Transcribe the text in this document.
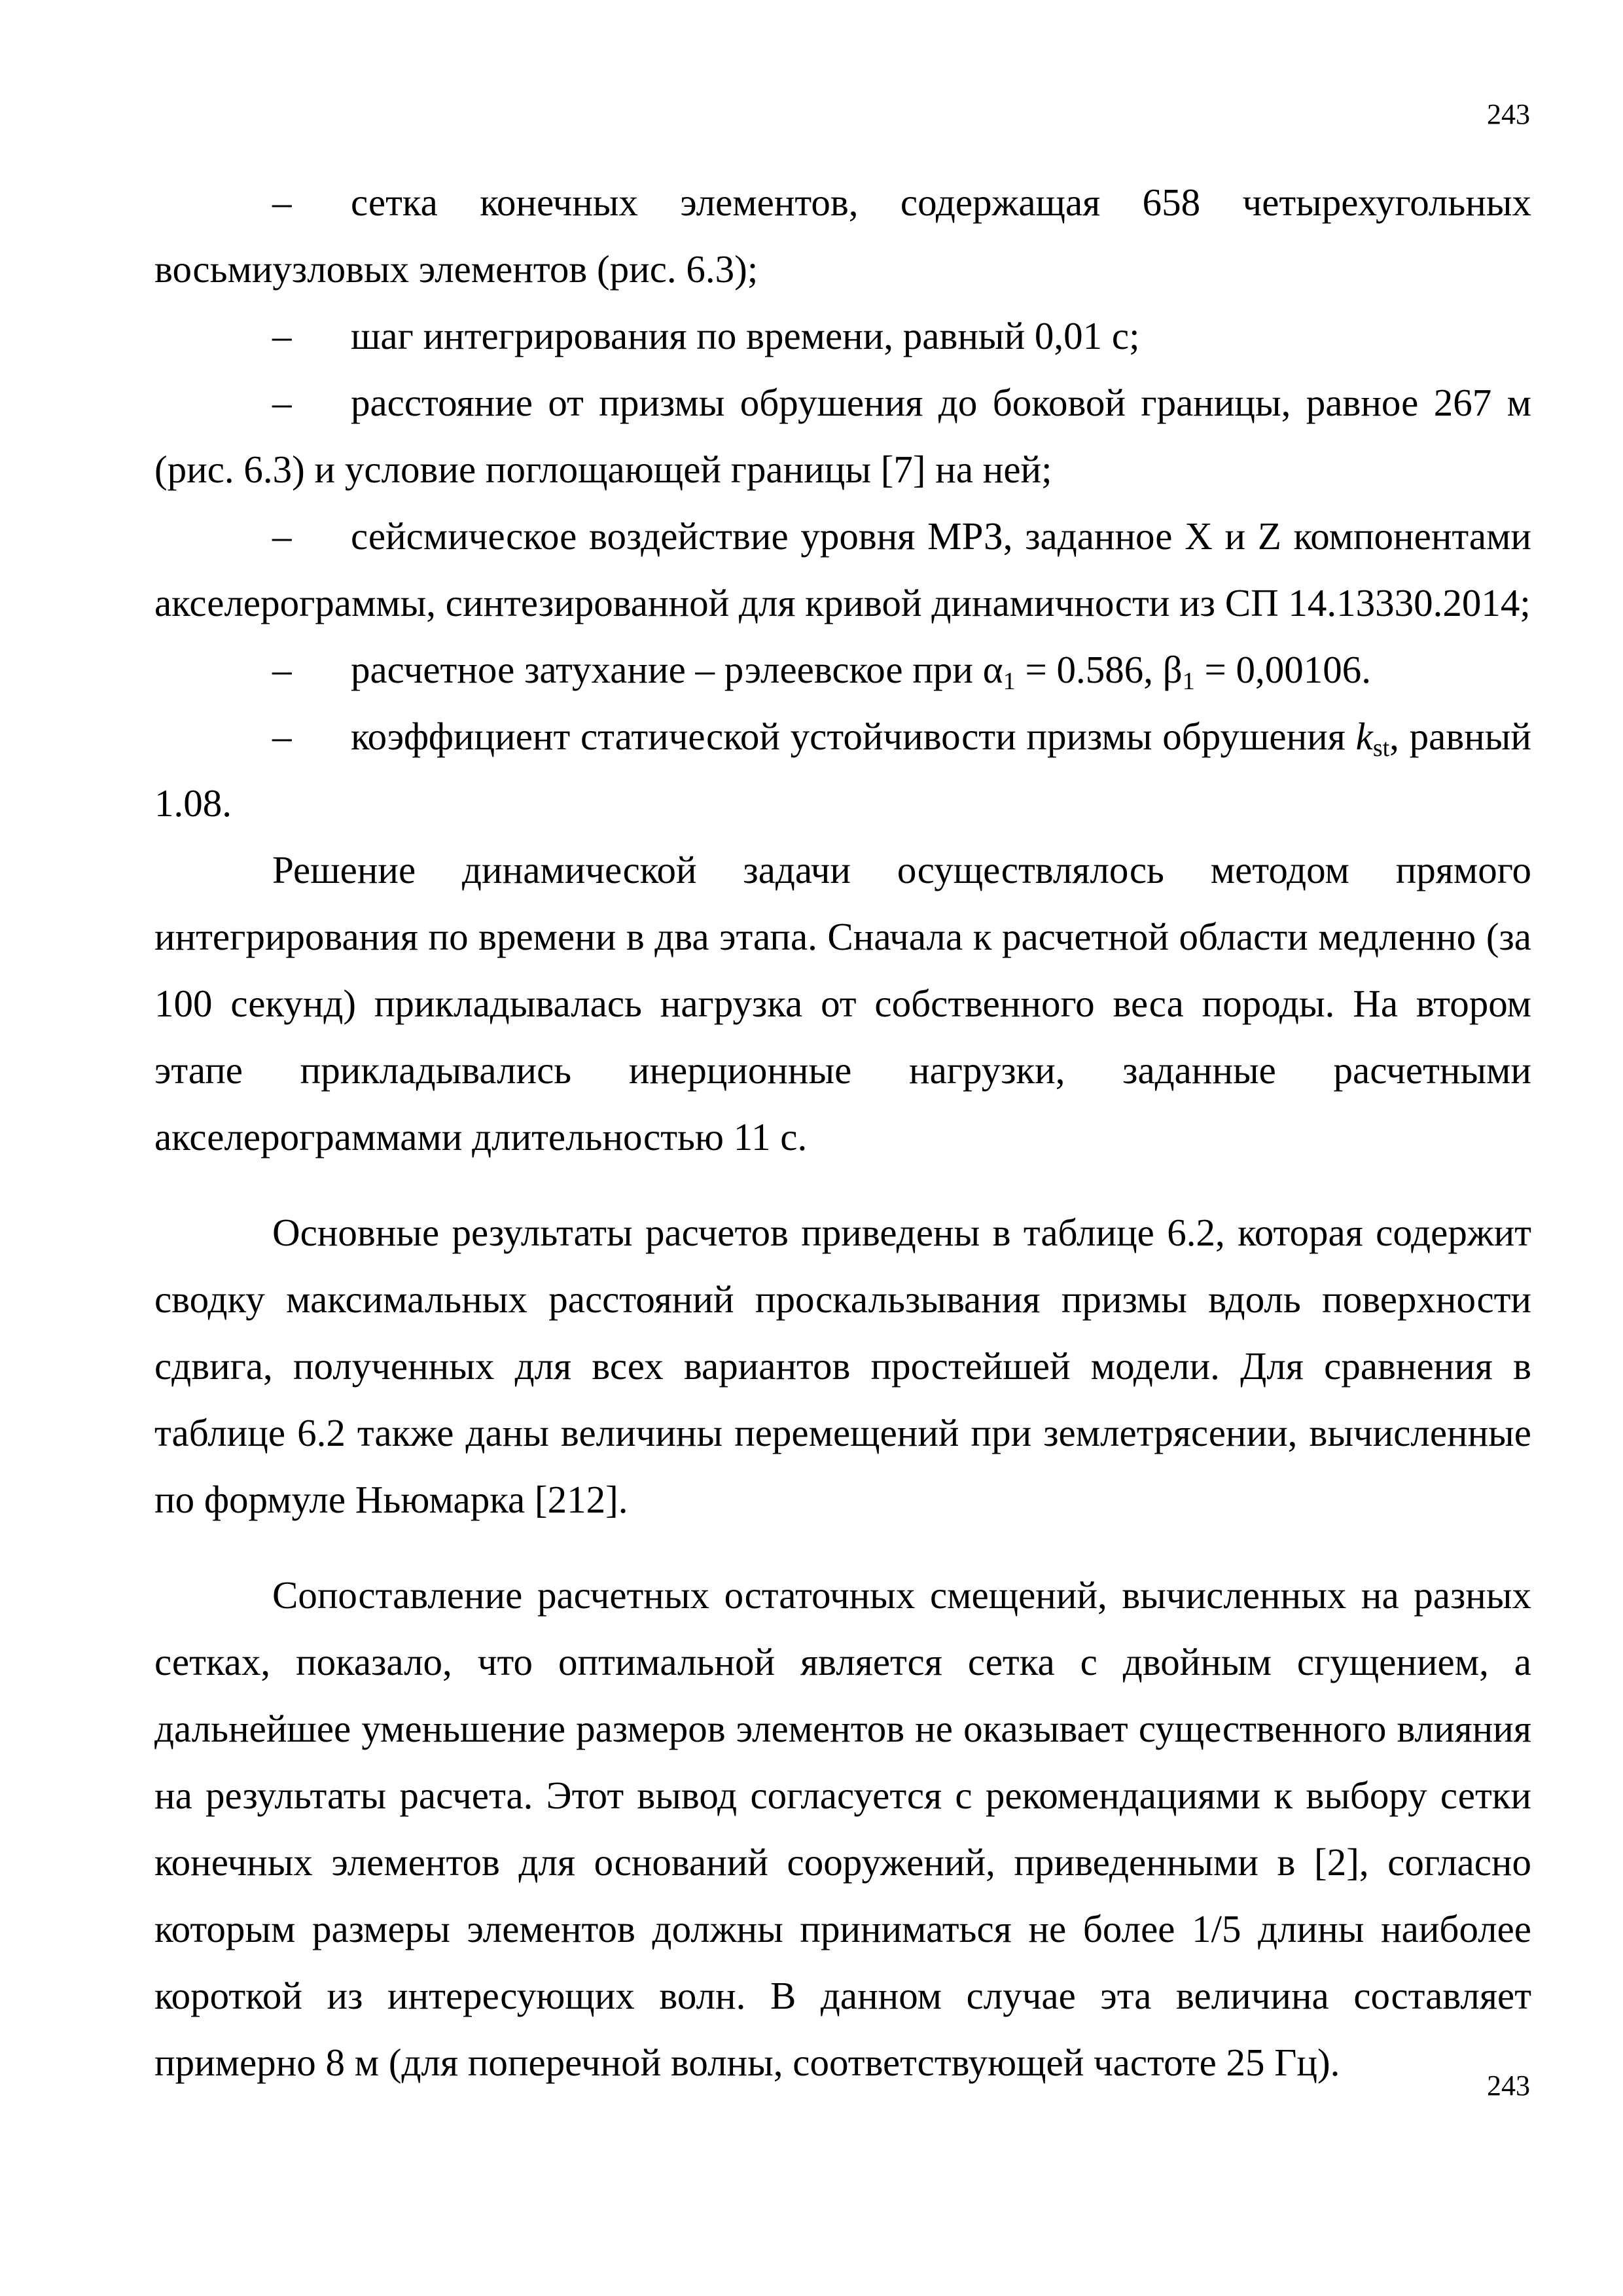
243

– сетка конечных элементов, содержащая 658 четырехугольных восьмиузловых элементов (рис. 6.3);

– шаг интегрирования по времени, равный 0,01 с;

– расстояние от призмы обрушения до боковой границы, равное 267 м (рис. 6.3) и условие поглощающей границы [7] на ней;

– сейсмическое воздействие уровня МРЗ, заданное X и Z компонентами акселерограммы, синтезированной для кривой динамичности из СП 14.13330.2014;

– расчетное затухание – рэлеевское при $\alpha_1 = 0.586$, $\beta_1 = 0,00106$.

– коэффициент статической устойчивости призмы обрушения $k_{st}$, равный 1.08.

Решение динамической задачи осуществлялось методом прямого интегрирования по времени в два этапа. Сначала к расчетной области медленно (за 100 секунд) прикладывалась нагрузка от собственного веса породы. На втором этапе прикладывались инерционные нагрузки, заданные расчетными акселерограммами длительностью 11 с.

Основные результаты расчетов приведены в таблице 6.2, которая содержит сводку максимальных расстояний проскальзывания призмы вдоль поверхности сдвига, полученных для всех вариантов простейшей модели. Для сравнения в таблице 6.2 также даны величины перемещений при землетрясении, вычисленные по формуле Ньюмарка [212].

Сопоставление расчетных остаточных смещений, вычисленных на разных сетках, показало, что оптимальной является сетка с двойным сгущением, а дальнейшее уменьшение размеров элементов не оказывает существенного влияния на результаты расчета. Этот вывод согласуется с рекомендациями к выбору сетки конечных элементов для оснований сооружений, приведенными в [2], согласно которым размеры элементов должны приниматься не более 1/5 длины наиболее короткой из интересующих волн. В данном случае эта величина составляет примерно 8 м (для поперечной волны, соответствующей частоте 25 Гц).

243
